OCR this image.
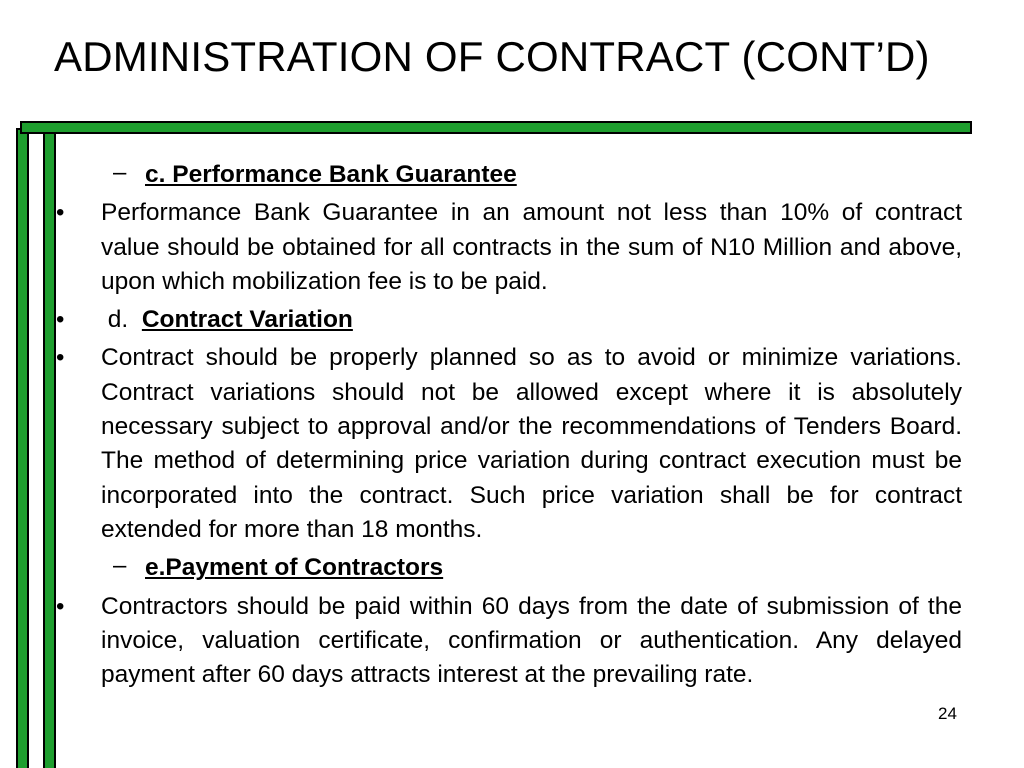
ADMINISTRATION OF CONTRACT (CONT’D)
– c. Performance Bank Guarantee
•	Performance Bank Guarantee in an amount not less than 10% of contract value should be obtained for all contracts in the sum of N10 Million and above, upon which mobilization fee is to be paid.
•	d.  Contract Variation
•	Contract should be properly planned so as to avoid or minimize variations. Contract variations should not be allowed except where it is absolutely necessary subject to approval and/or the recommendations of Tenders Board. The method of determining price variation during contract execution must be incorporated into the contract. Such price variation shall be for contract extended for more than 18 months.
– e.Payment of Contractors
•	Contractors should be paid within 60 days from the date of submission of the invoice, valuation certificate, confirmation or authentication. Any delayed payment after 60 days attracts interest at the prevailing rate.
24
